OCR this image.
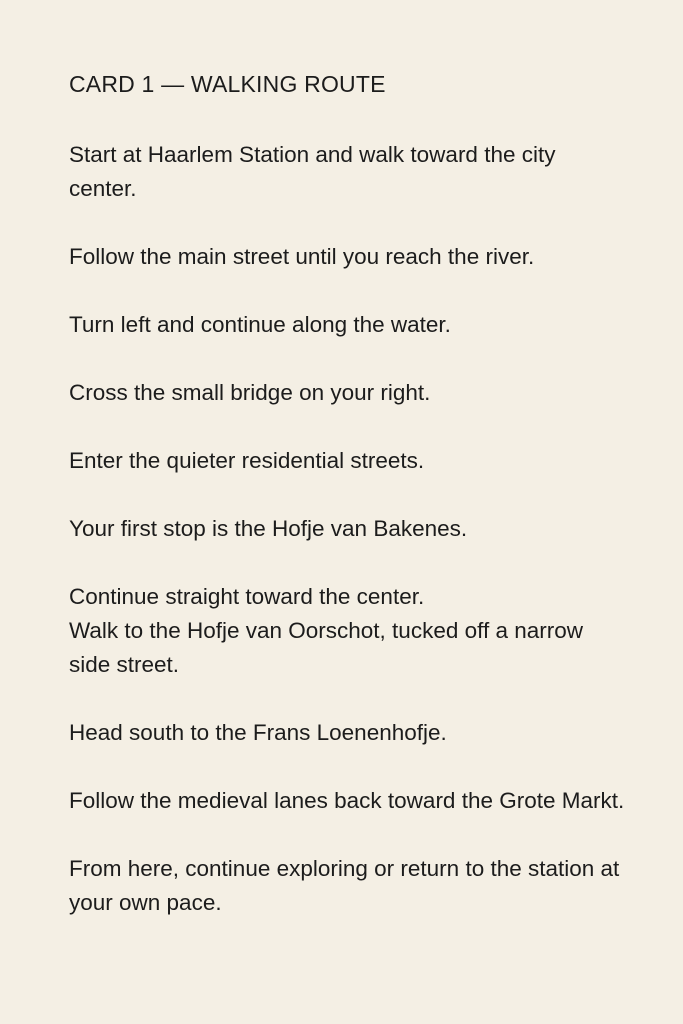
CARD 1 — WALKING ROUTE

Start at Haarlem Station and walk toward the city center.

Follow the main street until you reach the river.

Turn left and continue along the water.

Cross the small bridge on your right.

Enter the quieter residential streets.

Your first stop is the Hofje van Bakenes.

Continue straight toward the center.

Walk to the Hofje van Oorschot, tucked off a narrow side street.

Head south to the Frans Loenenhofje.

Follow the medieval lanes back toward the Grote Markt.

From here, continue exploring or return to the station at your own pace.
